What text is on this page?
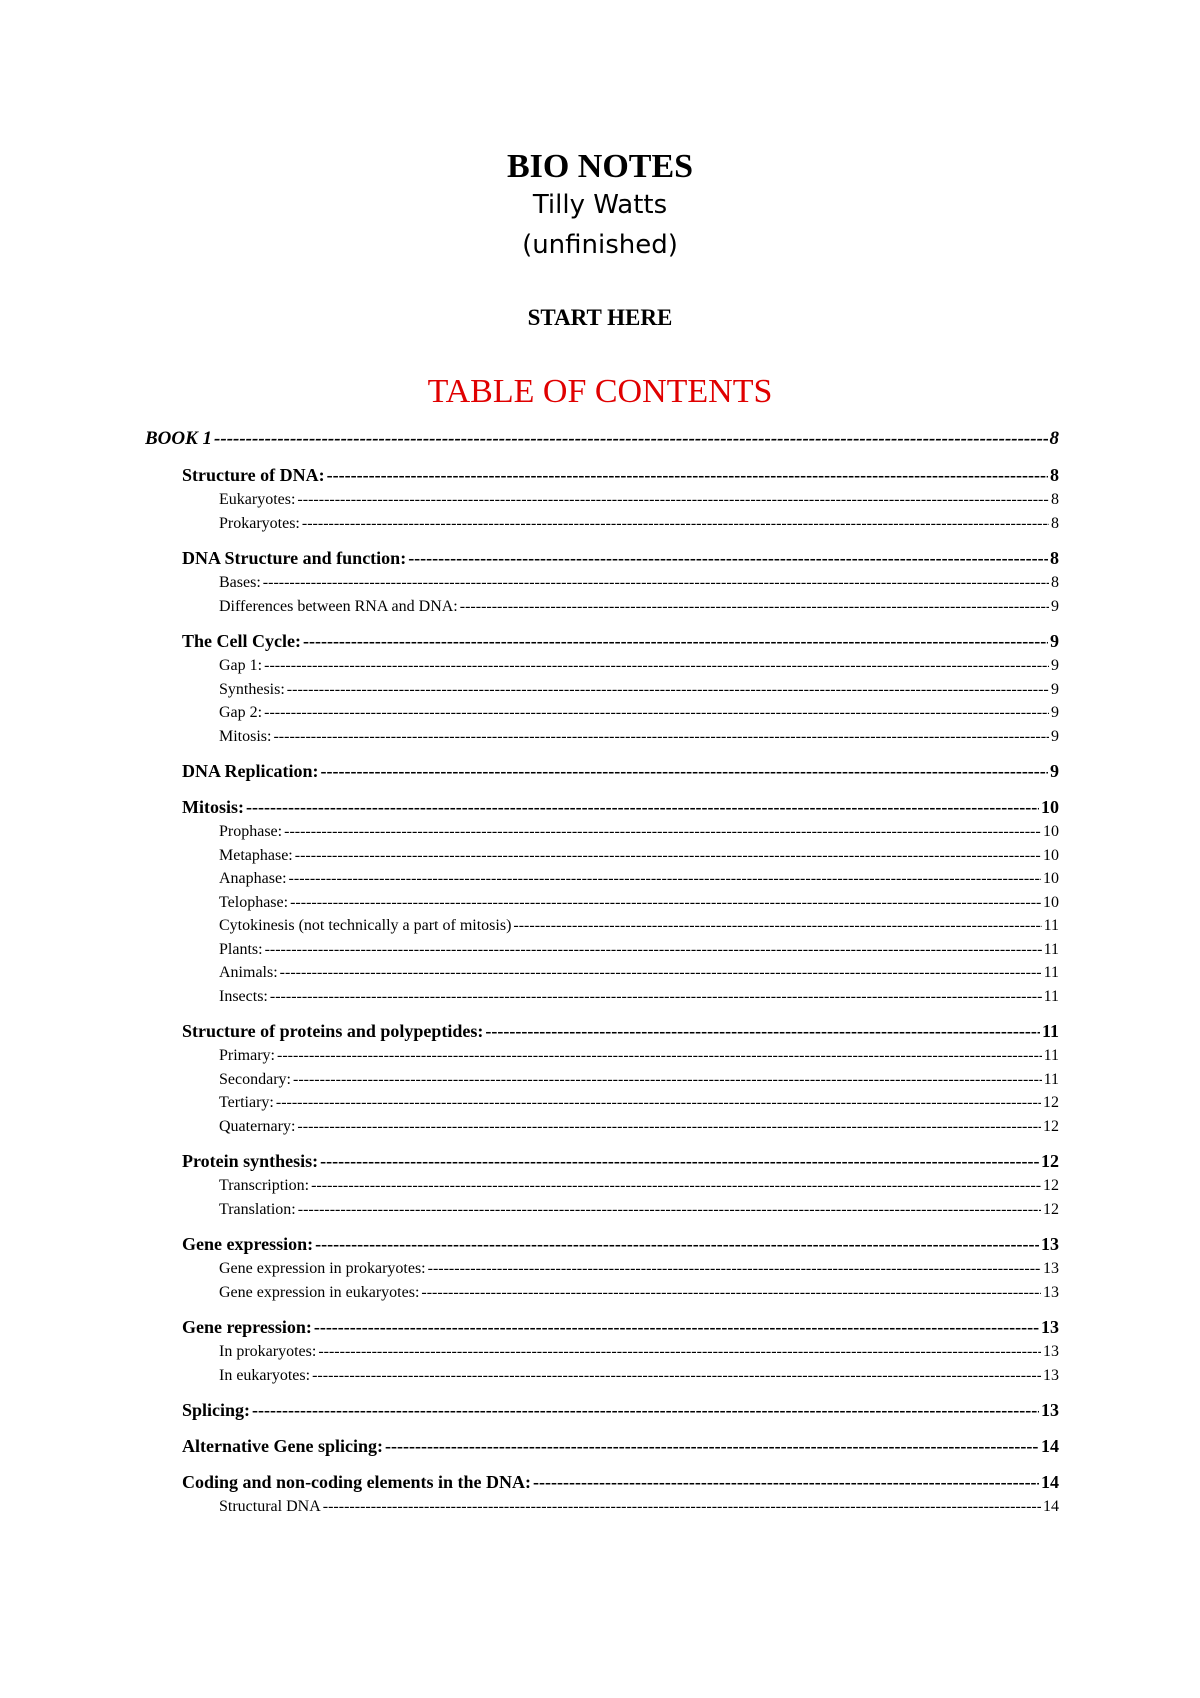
BIO NOTES
Tilly Watts
(unfinished)
START HERE
TABLE OF CONTENTS
BOOK 1 -----	8
Structure of DNA: -----	8
Eukaryotes: -----	8
Prokaryotes: -----	8
DNA Structure and function: -----	8
Bases: -----	8
Differences between RNA and DNA: -----	9
The Cell Cycle: -----	9
Gap 1: -----	9
Synthesis: -----	9
Gap 2: -----	9
Mitosis: -----	9
DNA Replication: -----	9
Mitosis: -----	10
Prophase: -----	10
Metaphase: -----	10
Anaphase: -----	10
Telophase: -----	10
Cytokinesis (not technically a part of mitosis) -----	11
Plants: -----	11
Animals: -----	11
Insects: -----	11
Structure of proteins and polypeptides: -----	11
Primary: -----	11
Secondary: -----	11
Tertiary: -----	12
Quaternary: -----	12
Protein synthesis: -----	12
Transcription: -----	12
Translation: -----	12
Gene expression: -----	13
Gene expression in prokaryotes: -----	13
Gene expression in eukaryotes: -----	13
Gene repression: -----	13
In prokaryotes: -----	13
In eukaryotes: -----	13
Splicing: -----	13
Alternative Gene splicing: -----	14
Coding and non-coding elements in the DNA: -----	14
Structural DNA -----	14
